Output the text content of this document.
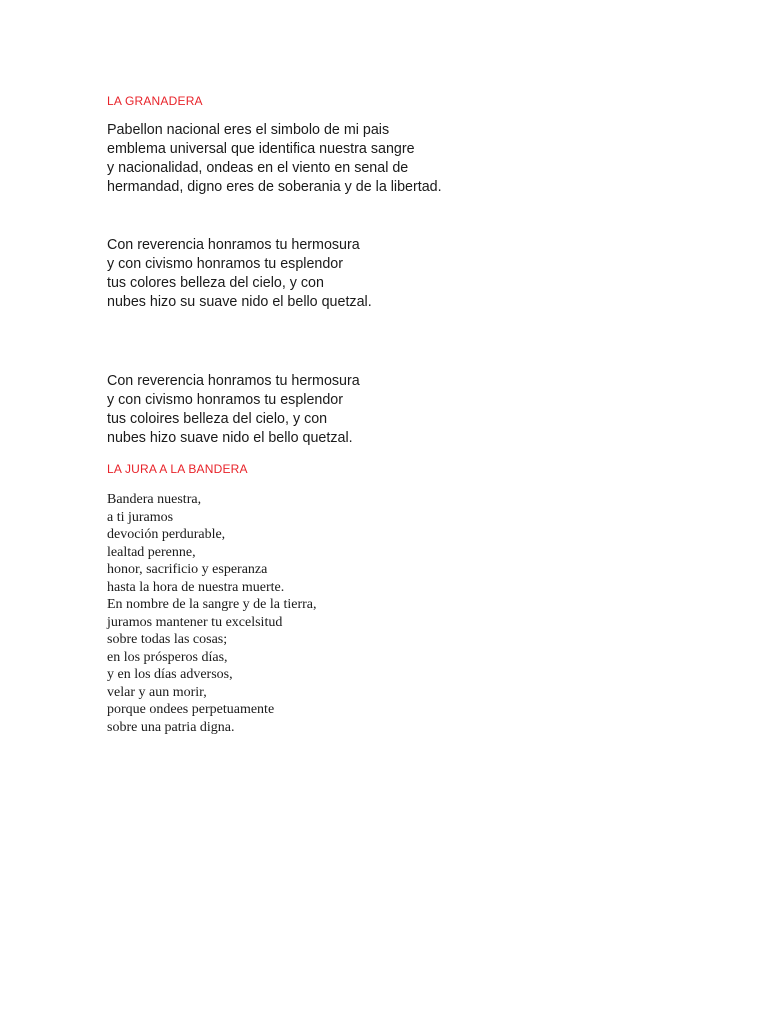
LA GRANADERA
Pabellon nacional eres el simbolo de mi pais
emblema universal que identifica nuestra sangre
y nacionalidad, ondeas en el viento en senal de
hermandad, digno eres de soberania y de la libertad.
Con reverencia honramos tu hermosura
y con civismo honramos tu esplendor
tus colores belleza del cielo, y con
nubes hizo su suave nido el bello quetzal.
Con reverencia honramos tu hermosura
y con civismo honramos tu esplendor
tus coloires belleza del cielo, y con
nubes hizo suave nido el bello quetzal.
LA JURA A LA BANDERA
Bandera nuestra,
a ti juramos
devoción perdurable,
lealtad perenne,
honor, sacrificio y esperanza
hasta la hora de nuestra muerte.
En nombre de la sangre y de la tierra,
juramos mantener tu excelsitud
sobre todas las cosas;
en los prósperos días,
y en los días adversos,
velar y aun morir,
porque ondees perpetuamente
sobre una patria digna.
